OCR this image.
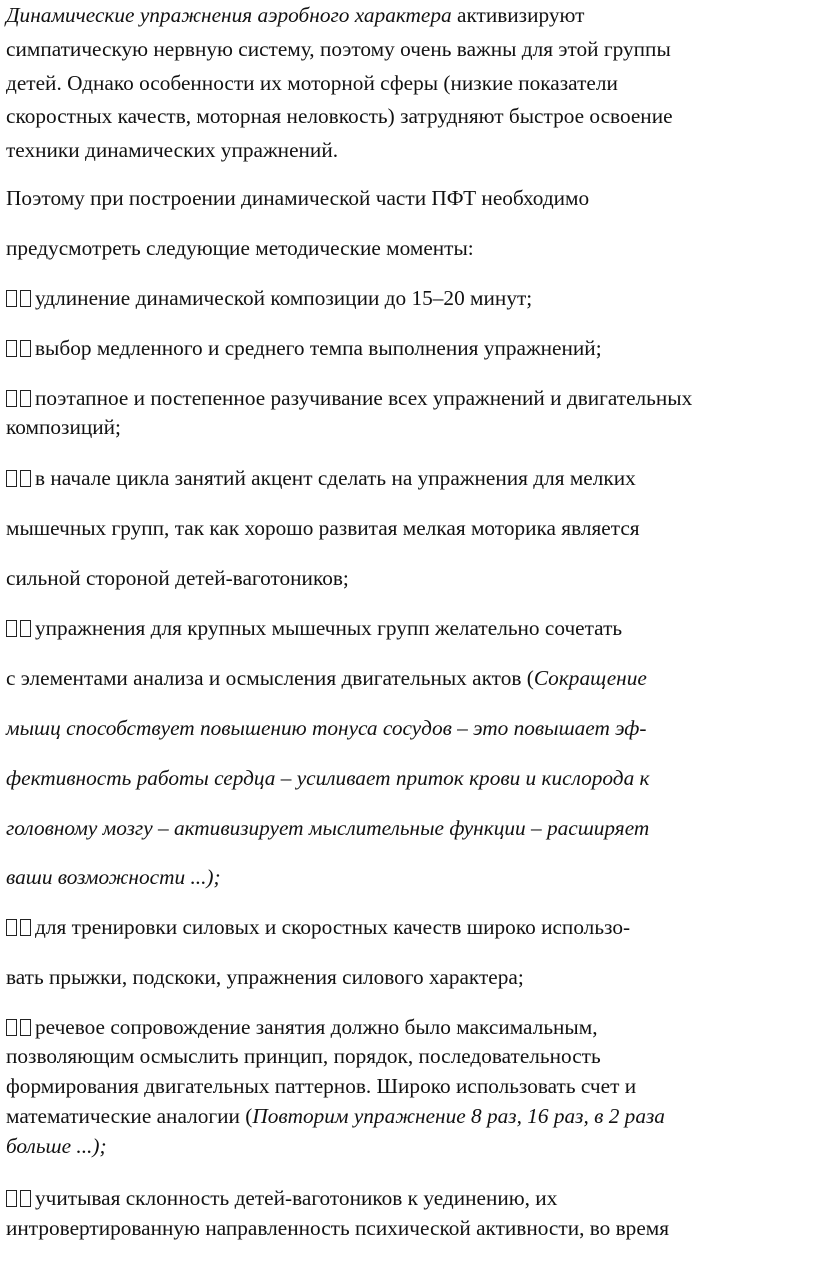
Динамические упражнения аэробного характера активизируют
симпатическую нервную систему, поэтому очень важны для этой группы
детей. Однако особенности их моторной сферы (низкие показатели
скоростных качеств, моторная неловкость) затрудняют быстрое освоение
техники динамических упражнений.
Поэтому при построении динамической части ПФТ необходимо
предусмотреть следующие методические моменты:
удлинение динамической композиции до 15–20 минут;
выбор медленного и среднего темпа выполнения упражнений;
поэтапное и постепенное разучивание всех упражнений и двигательных
композиций;
в начале цикла занятий акцент сделать на упражнения для мелких
мышечных групп, так как хорошо развитая мелкая моторика является
сильной стороной детей-ваготоников;
упражнения для крупных мышечных групп желательно сочетать
с элементами анализа и осмысления двигательных актов (Сокращение
мышц способствует повышению тонуса сосудов – это повышает эф-
фективность работы сердца – усиливает приток крови и кислорода к
головному мозгу – активизирует мыслительные функции – расширяет
ваши возможности ...);
для тренировки силовых и скоростных качеств широко использо-
вать прыжки, подскоки, упражнения силового характера;
речевое сопровождение занятия должно было максимальным,
позволяющим осмыслить принцип, порядок, последовательность
формирования двигательных паттернов. Широко использовать счет и
математические аналогии (Повторим упражнение 8 раз, 16 раз, в 2 раза
больше ...);
учитывая склонность детей-ваготоников к уединению, их
интровертированную направленность психической активности, во время
